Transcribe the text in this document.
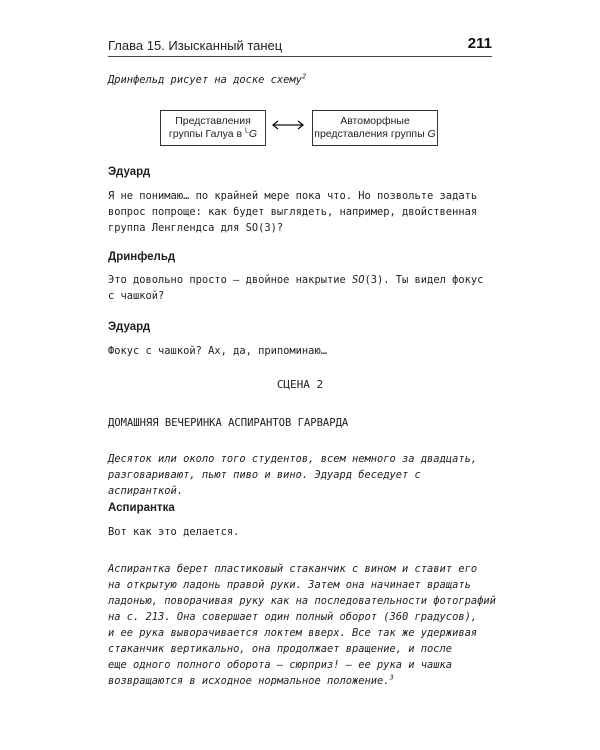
Глава 15. Изысканный танец	211

Дринфельд рисует на доске схему$^2$

Представления
группы Галуа в $^L$G
Автоморфные
представления группы G
Эдуард

Я не понимаю… по крайней мере пока что. Но позвольте задать

вопрос попроще: как будет выглядеть, например, двойственная

группа Ленглендса для SO(3)?

Дринфельд

Это довольно просто — двойное накрытие SO(3). Ты видел фокус

с чашкой?

Эдуард

Фокус с чашкой? Ах, да, припоминаю…

СЦЕНА 2
ДОМАШНЯЯ ВЕЧЕРИНКА АСПИРАНТОВ ГАРВАРДА

Десяток или около того студентов, всем немного за двадцать,

разговаривают, пьют пиво и вино. Эдуард беседует с аспиранткой.

Аспирантка

Вот как это делается.

Аспирантка берет пластиковый стаканчик с вином и ставит его

на открытую ладонь правой руки. Затем она начинает вращать

ладонью, поворачивая руку как на последовательности фотографий

на с. 213. Она совершает один полный оборот (360 градусов),

и ее рука выворачивается локтем вверх. Все так же удерживая

стаканчик вертикально, она продолжает вращение, и после

еще одного полного оборота — сюрприз! — ее рука и чашка

возвращаются в исходное нормальное положение.$^3$
